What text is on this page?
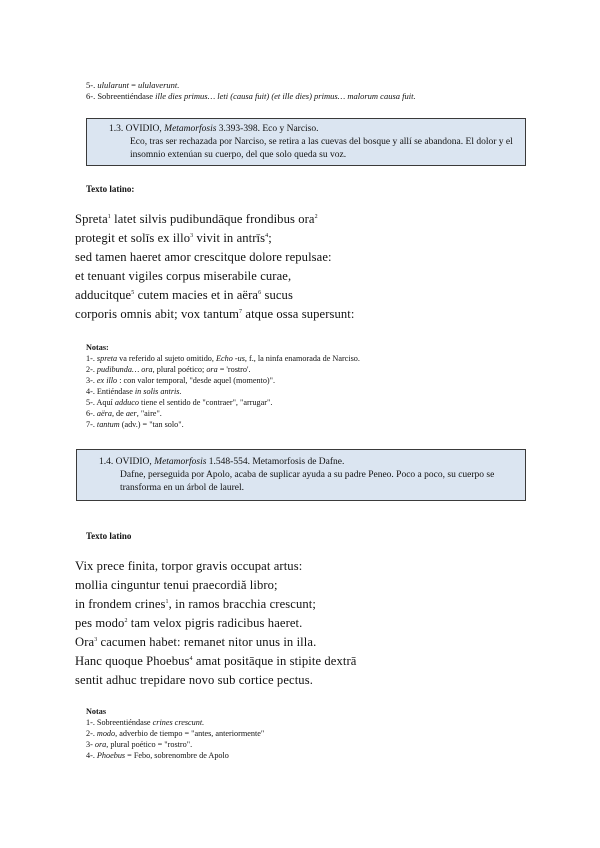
5-. ulularunt = ululaverunt.
6-. Sobreentiéndase ille dies primus… leti (causa fuit) (et ille dies) primus… malorum causa fuit.
1.3. OVIDIO, Metamorfosis 3.393-398. Eco y Narciso.
Eco, tras ser rechazada por Narciso, se retira a las cuevas del bosque y allí se abandona. El dolor y el insomnio extenúan su cuerpo, del que solo queda su voz.
Texto latino:
Spreta$^1$ latet silvis pudibundāque frondibus ora$^2$
protegit et solīs ex illo$^3$ vivit in antrīs$^4$;
sed tamen haeret amor crescitque dolore repulsae:
et tenuant vigiles corpus miserabile curae,
adducitque$^5$ cutem macies et in aëra$^6$ sucus
corporis omnis abit; vox tantum$^7$ atque ossa supersunt:
Notas:
1-. spreta va referido al sujeto omitido, Echo -us, f., la ninfa enamorada de Narciso.
2-. pudibunda… ora, plural poético; ora = 'rostro'.
3-. ex illo : con valor temporal, "desde aquel (momento)".
4-. Entiéndase in solis antris.
5-. Aquí adduco tiene el sentido de "contraer", "arrugar".
6-. aëra, de aer, "aire".
7-. tantum (adv.) = "tan solo".
1.4. OVIDIO, Metamorfosis 1.548-554. Metamorfosis de Dafne.
Dafne, perseguida por Apolo, acaba de suplicar ayuda a su padre Peneo. Poco a poco, su cuerpo se transforma en un árbol de laurel.
Texto latino
Vix prece finita, torpor gravis occupat artus:
mollia cinguntur tenui praecordiă libro;
in frondem crines$^1$, in ramos bracchia crescunt;
pes modo$^2$ tam velox pigris radicibus haeret.
Ora$^3$ cacumen habet: remanet nitor unus in illa.
Hanc quoque Phoebus$^4$ amat positāque in stipite dextrā
sentit adhuc trepidare novo sub cortice pectus.
Notas
1-. Sobreentiéndase crines crescunt.
2-. modo, adverbio de tiempo = "antes, anteriormente"
3- ora, plural poético = "rostro".
4-. Phoebus = Febo, sobrenombre de Apolo
